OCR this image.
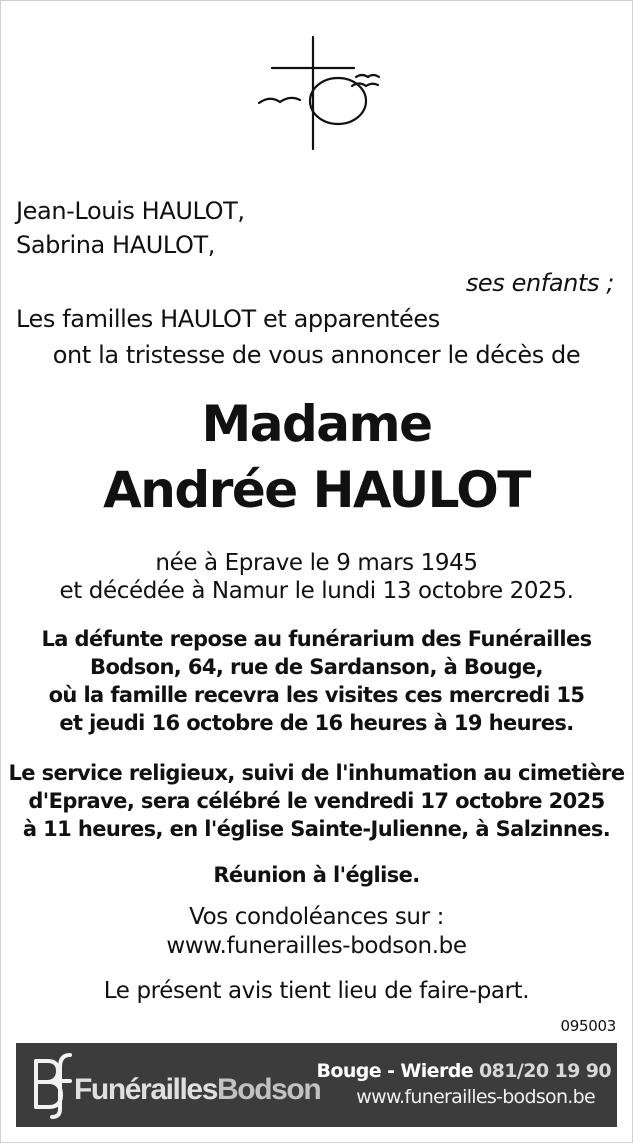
Jean-Louis HAULOT,
Sabrina HAULOT,
ses enfants ;
Les familles HAULOT et apparentées
ont la tristesse de vous annoncer le décès de
Madame
Andrée HAULOT
née à Eprave le 9 mars 1945
et décédée à Namur le lundi 13 octobre 2025.
La défunte repose au funérarium des Funérailles
Bodson, 64, rue de Sardanson, à Bouge,
où la famille recevra les visites ces mercredi 15
et jeudi 16 octobre de 16 heures à 19 heures.
Le service religieux, suivi de l'inhumation au cimetière
d'Eprave, sera célébré le vendredi 17 octobre 2025
à 11 heures, en l'église Sainte-Julienne, à Salzinnes.
Réunion à l'église.
Vos condoléances sur :
www.funerailles-bodson.be
Le présent avis tient lieu de faire-part.
095003
FunéraillesBodson
Bouge - Wierde 081/20 19 90
www.funerailles-bodson.be
